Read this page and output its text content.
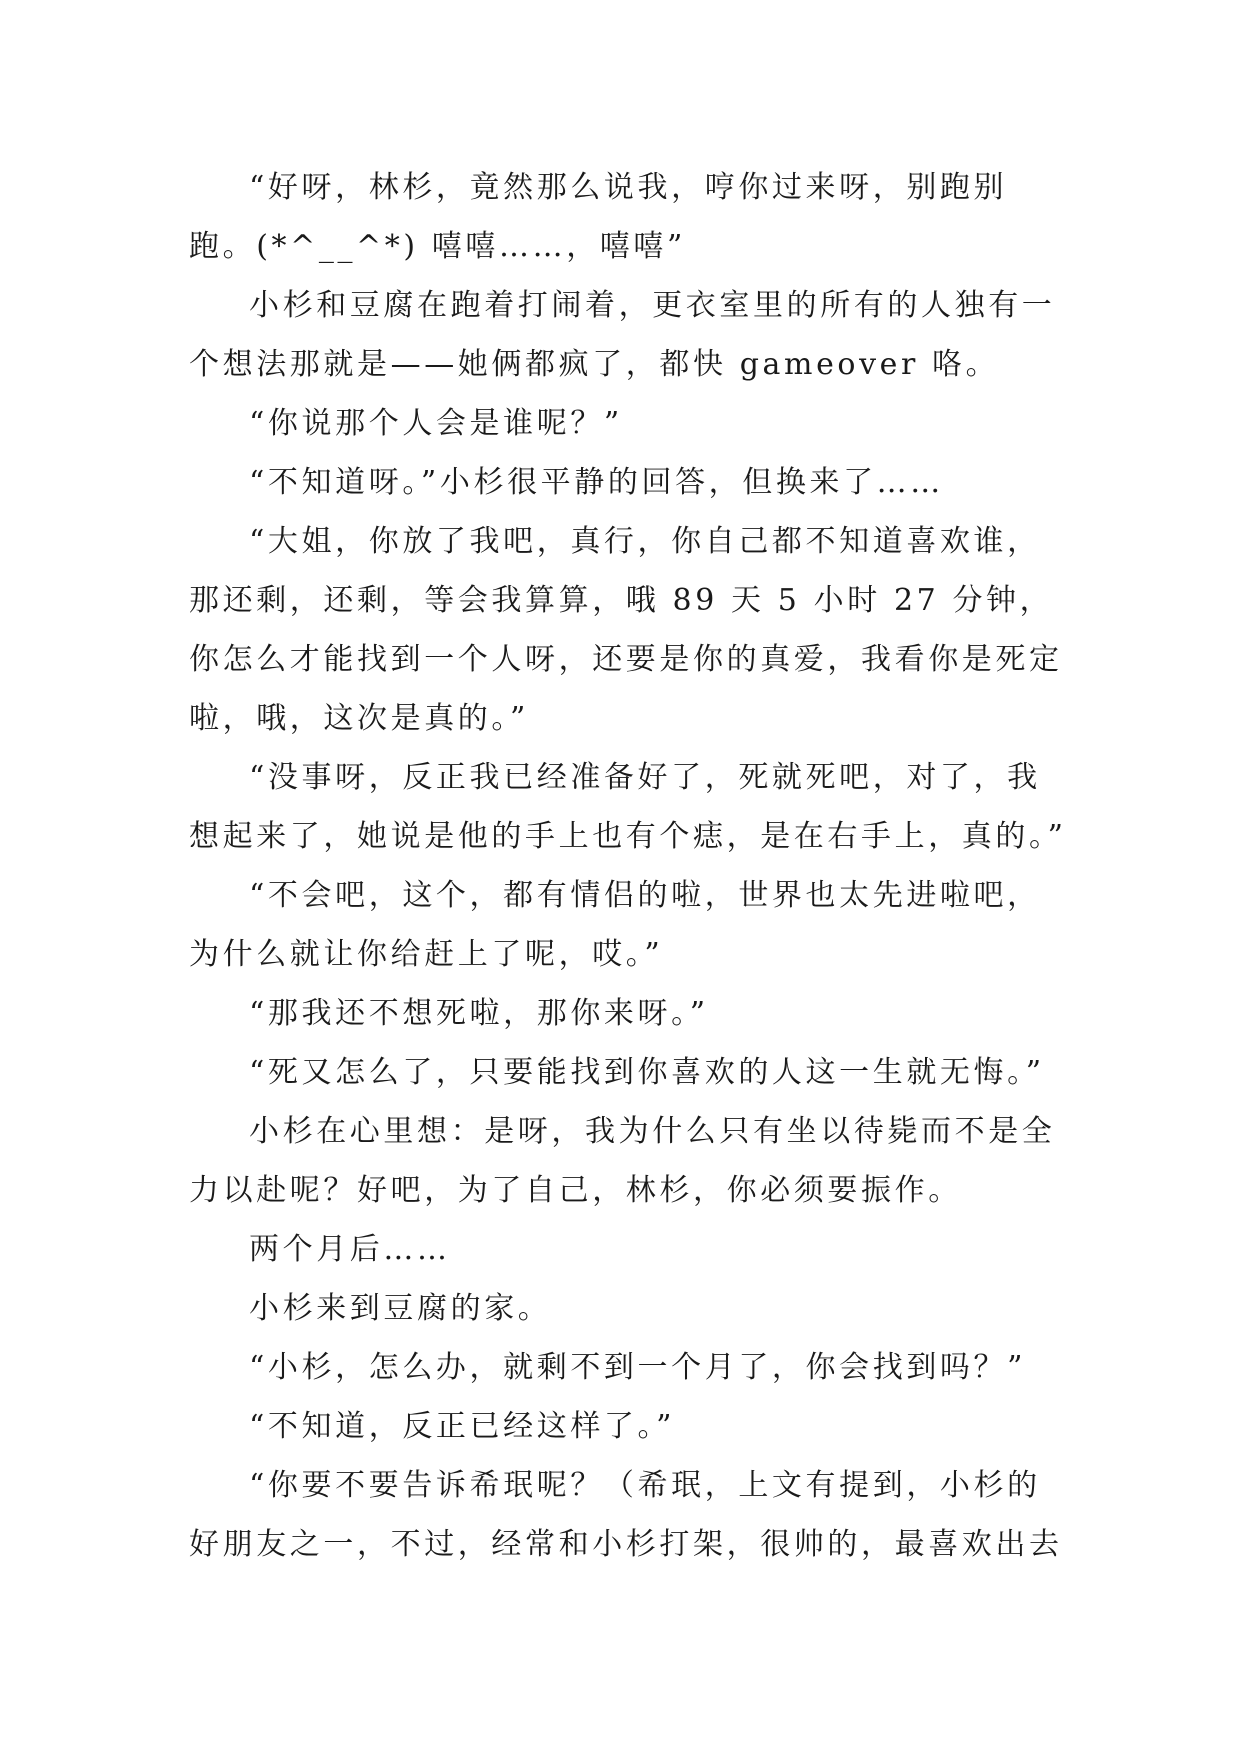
“好呀，林杉，竟然那么说我，哼你过来呀，别跑别跑。(*^__^*) 嘻嘻……，嘻嘻”

小杉和豆腐在跑着打闹着，更衣室里的所有的人独有一个想法那就是——她俩都疯了，都快 gameover 咯。

“你说那个人会是谁呢？”

“不知道呀。”小杉很平静的回答，但换来了……

“大姐，你放了我吧，真行，你自己都不知道喜欢谁，那还剩，还剩，等会我算算，哦 89 天 5 小时 27 分钟，你怎么才能找到一个人呀，还要是你的真爱，我看你是死定啦，哦，这次是真的。”

“没事呀，反正我已经准备好了，死就死吧，对了，我想起来了，她说是他的手上也有个痣，是在右手上，真的。”

“不会吧，这个，都有情侣的啦，世界也太先进啦吧，为什么就让你给赶上了呢，哎。”

“那我还不想死啦，那你来呀。”

“死又怎么了，只要能找到你喜欢的人这一生就无悔。”

小杉在心里想：是呀，我为什么只有坐以待毙而不是全力以赴呢？好吧，为了自己，林杉，你必须要振作。

两个月后……

小杉来到豆腐的家。

“小杉，怎么办，就剩不到一个月了，你会找到吗？”

“不知道，反正已经这样了。”

“你要不要告诉希珉呢？（希珉，上文有提到，小杉的好朋友之一，不过，经常和小杉打架，很帅的，最喜欢出去
